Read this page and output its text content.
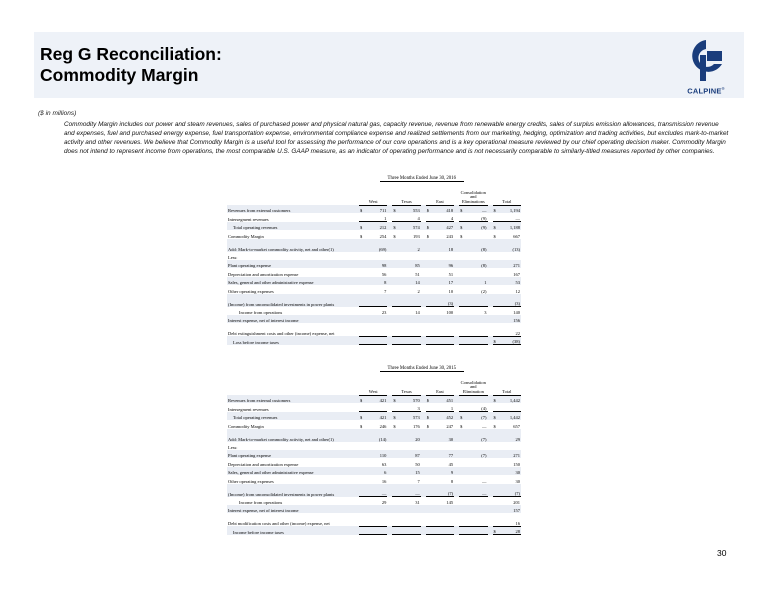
Reg G Reconciliation:
Commodity Margin
CALPINE®
($ in millions)
Commodity Margin includes our power and steam revenues, sales of purchased power and physical natural gas, capacity revenue, revenue from renewable energy credits, sales of surplus emission allowances, transmission revenue and expenses, fuel and purchased energy expense, fuel transportation expense, environmental compliance expense and realized settlements from our marketing, hedging, optimization and trading activities, but excludes mark-to-market activity and other revenues. We believe that Commodity Margin is a useful tool for assessing the performance of our core operations and is a key operational measure reviewed by our chief operating decision maker. Commodity Margin does not intend to represent income from operations, the most comparable U.S. GAAP measure, as an indicator of operating performance and is not necessarily comparable to similarly-titled measures reported by other companies.
Three Months Ended June 30, 2016
	West			Texas			East			Consolidation and Eliminations			Total	
Revenues from external customers	$	711		$	553		$	418		$	—		$	1,194
Intersegment revenues		1			4			4			(9)			—
Total operating revenues	$	212		$	574		$	427		$	(9)		$	1,188
Commodity Margin	$	254		$	193		$	243		$			$	667
Add: Mark-to-market commodity activity, net and other(1)		(69)			2			18			(8)			(13)
Less:														
Plant operating expense		98			85			96			(8)			271
Depreciation and amortization expense		56			51			51						167
Sales, general and other administrative expense		8			14			17			1			53
Other operating expenses		7			2			10			(2)			12
(Income) from unconsolidated investments in power plants								(3)						(3)
Income from operations		23			14			100			3			140
Interest expense, net of interest income														156
Debt extinguishment costs and other (income) expense, net														22
Loss before income taxes													$	(38)
Three Months Ended June 30, 2015
	West			Texas			East			Consolidation and Elimination			Total	
Revenues from external customers	$	421		$	570		$	451					$	1,442
Intersegment revenues					3			1			(4)			
Total operating revenues	$	421		$	573		$	452		$	(7)		$	1,442
Commodity Margin	$	246		$	176		$	247		$	—		$	657
Add: Mark-to-market commodity activity, net and other(1)		(14)			20			30			(7)			29
Less:														
Plant operating expense		110			87			77			(7)			271
Depreciation and amortization expense		63			50			45						150
Sales, general and other administrative expense		6			15			9						30
Other operating expenses		16			7			8			—			30
(Income) from unconsolidated investments in power plants		—			—			(7)			—			(7)
Income from operations		29			31			145						201
Interest expense, net of interest income														157
Debt modification costs and other (income) expense, net														16
Income before income taxes													$	28
30
